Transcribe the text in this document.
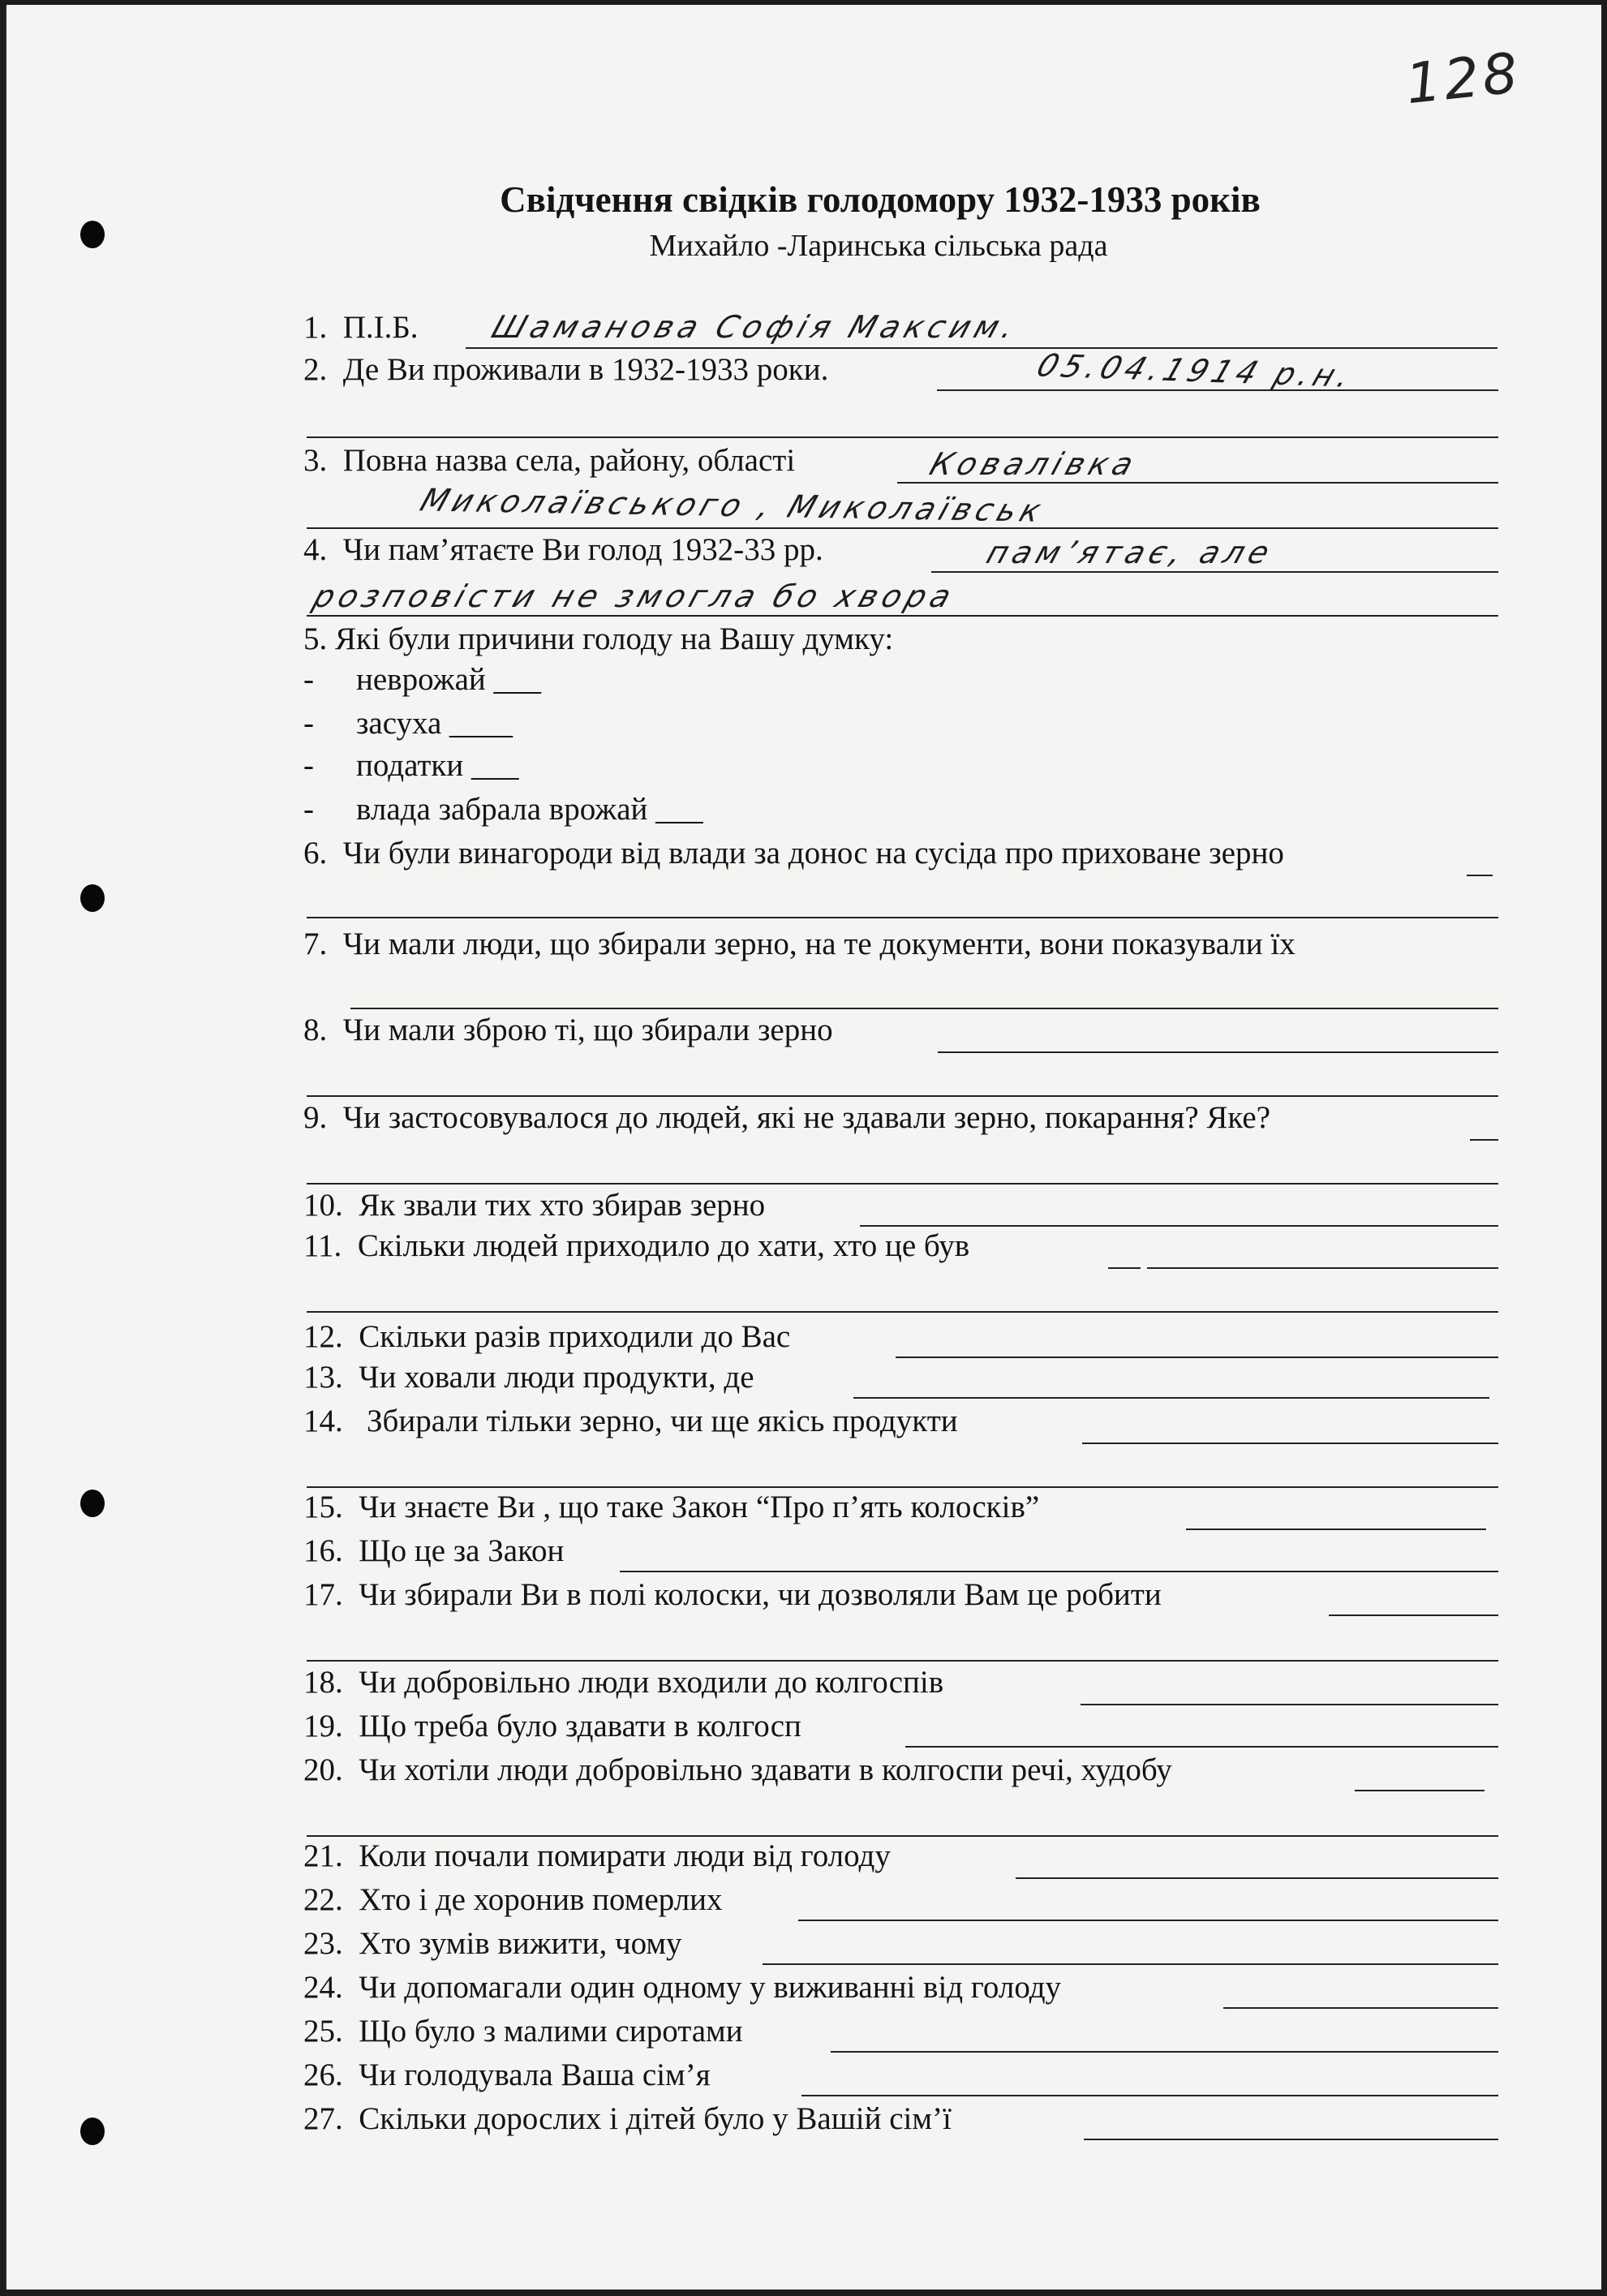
128
Свідчення свідків голодомору 1932-1933 років
Михайло -Ларинська сільська рада
1. П.І.Б. Шаманова Софія Максим.
2. Де Ви проживали в 1932-1933 роки.	05.04.1914 р.н.
3. Повна назва села, району, області	Ковалівка
Миколаївського , Миколаївськ
4. Чи пам’ятаєте Ви голод 1932-33 рр.	пам’ятає, але
розповісти не змогла бо хвора
5. Які були причини голоду на Вашу думку:
- неврожай ___
- засуха ____
- податки ___
- влада забрала врожай ___
6. Чи були винагороди від влади за донос на сусіда про приховане зерно
7. Чи мали люди, що збирали зерно, на те документи, вони показували їх
8. Чи мали зброю ті, що збирали зерно
9. Чи застосовувалося до людей, які не здавали зерно, покарання? Яке?
10. Як звали тих хто збирав зерно
11. Скільки людей приходило до хати, хто це був
12. Скільки разів приходили до Вас
13. Чи ховали люди продукти, де
14. Збирали тільки зерно, чи ще якісь продукти
15. Чи знаєте Ви , що таке Закон “Про п’ять колосків”
16. Що це за Закон
17. Чи збирали Ви в полі колоски, чи дозволяли Вам це робити
18. Чи добровільно люди входили до колгоспів
19. Що треба було здавати в колгосп
20. Чи хотіли люди добровільно здавати в колгоспи речі, худобу
21. Коли почали помирати люди від голоду
22. Хто і де хоронив померлих
23. Хто зумів вижити, чому
24. Чи допомагали один одному у виживанні від голоду
25. Що було з малими сиротами
26. Чи голодувала Ваша сім’я
27. Скільки дорослих і дітей було у Вашій сім’ї
